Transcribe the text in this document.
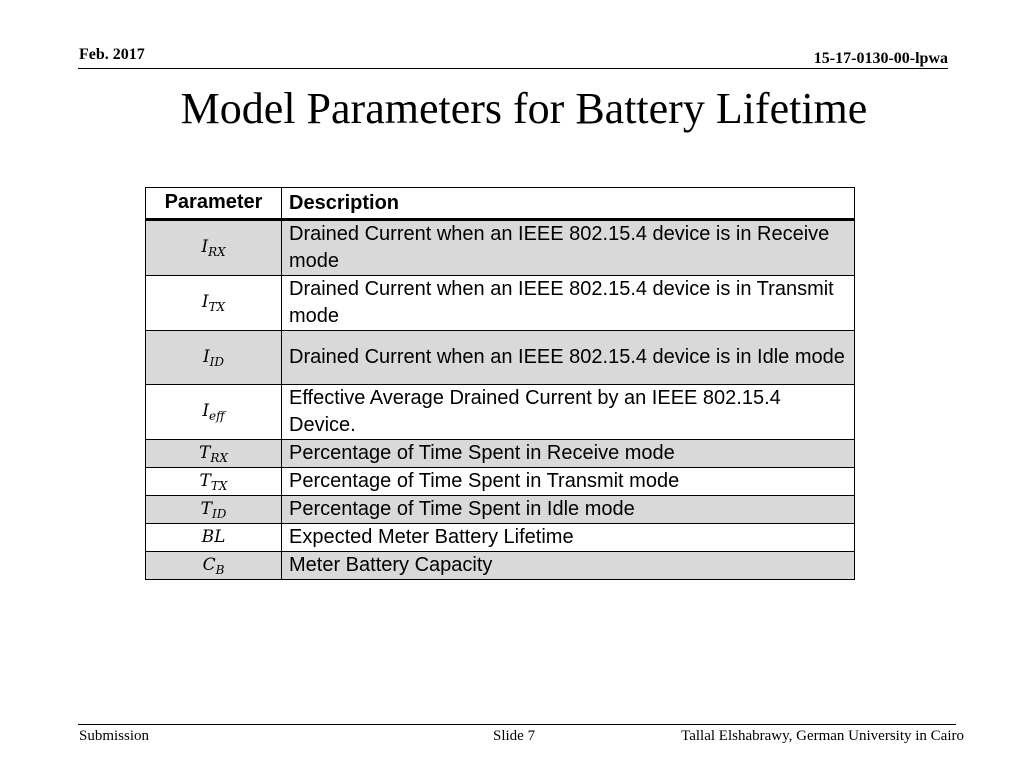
Feb. 2017	15-17-0130-00-lpwa
Model Parameters for Battery Lifetime
Parameter	Description
$I_{RX}$	Drained Current when an IEEE 802.15.4 device is in Receive mode
$I_{TX}$	Drained Current when an IEEE 802.15.4 device is in Transmit mode
$I_{ID}$	Drained Current when an IEEE 802.15.4 device is in Idle mode
$I_{eff}$	Effective Average Drained Current by an IEEE 802.15.4 Device.
$T_{RX}$	Percentage of Time Spent in Receive mode
$T_{TX}$	Percentage of Time Spent in Transmit mode
$T_{ID}$	Percentage of Time Spent in Idle mode
BL	Expected Meter Battery Lifetime
$C_B$	Meter Battery Capacity
Submission	Slide 7	Tallal Elshabrawy, German University in Cairo
